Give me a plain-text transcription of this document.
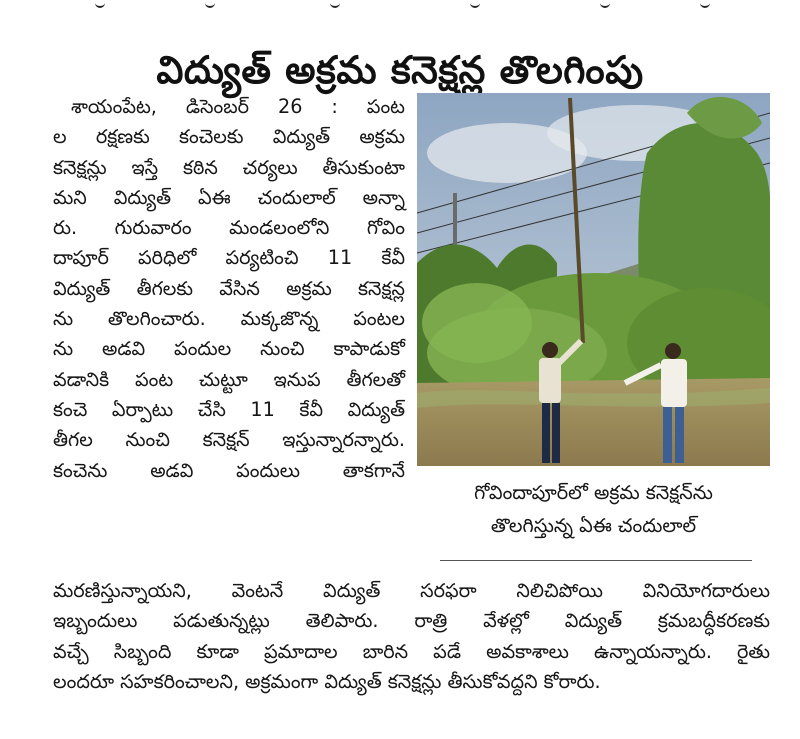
విద్యుత్ అక్రమ కనెక్షన్ల తొలగింపు
శాయంపేట, డిసెంబర్ 26 : పంట
ల రక్షణకు కంచెలకు విద్యుత్ అక్రమ
కనెక్షన్లు ఇస్తే కఠిన చర్యలు తీసుకుంటా
మని విద్యుత్ ఏఈ చందులాల్ అన్నా
రు. గురువారం మండలంలోని గోవిం
దాపూర్ పరిధిలో పర్యటించి 11 కేవీ
విద్యుత్ తీగలకు వేసిన అక్రమ కనెక్షన్ల
ను తొలగించారు. మక్కజొన్న పంటల
ను అడవి పందుల నుంచి కాపాడుకో
వడానికి పంట చుట్టూ ఇనుప తీగలతో
కంచె ఏర్పాటు చేసి 11 కేవీ విద్యుత్
తీగల నుంచి కనెక్షన్ ఇస్తున్నారన్నారు.
కంచెను అడవి పందులు తాకగానే
గోవిందాపూర్‌లో అక్రమ కనెక్షన్‌ను
తొలగిస్తున్న ఏఈ చందులాల్
మరణిస్తున్నాయని, వెంటనే విద్యుత్ సరఫరా నిలిచిపోయి వినియోగదారులు
ఇబ్బందులు పడుతున్నట్లు తెలిపారు. రాత్రి వేళల్లో విద్యుత్ క్రమబద్ధీకరణకు
వచ్చే సిబ్బంది కూడా ప్రమాదాల బారిన పడే అవకాశాలు ఉన్నాయన్నారు. రైతు
లందరూ సహకరించాలని, అక్రమంగా విద్యుత్ కనెక్షన్లు తీసుకోవద్దని కోరారు.
